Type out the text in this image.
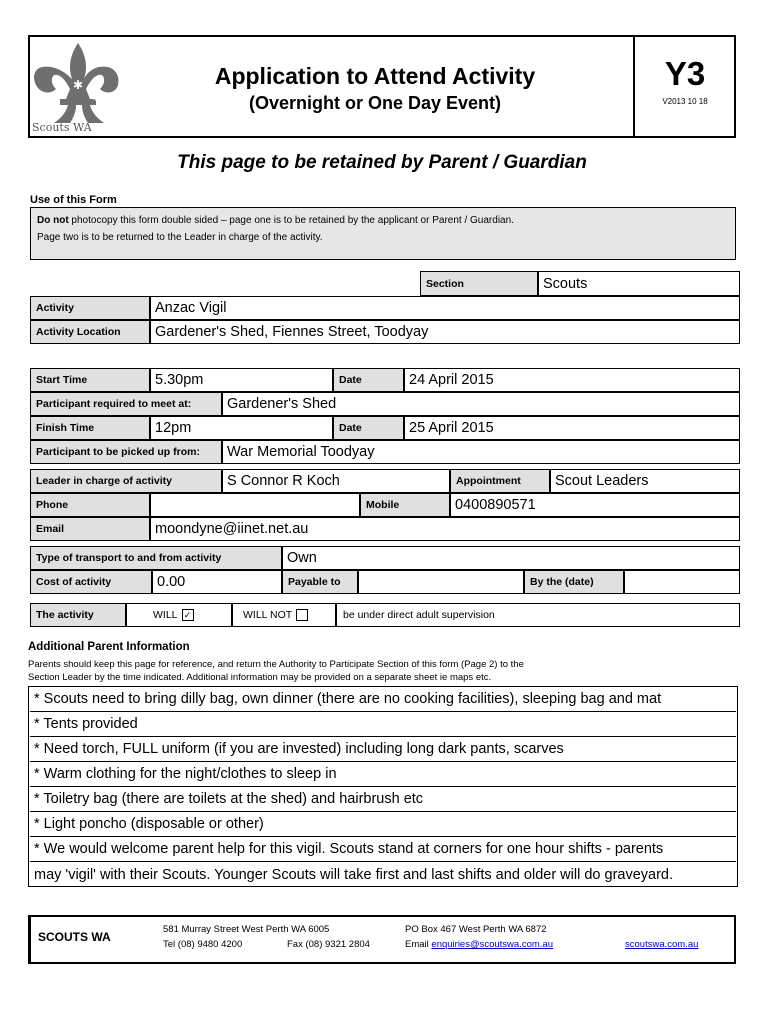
✱
✱
✱
Scouts WA
Application to Attend Activity
(Overnight or One Day Event)
Y3
V2013 10 18
This page to be retained by Parent / Guardian
Use of this Form
Do not photocopy this form double sided – page one is to be retained by the applicant or Parent / Guardian.
Page two is to be returned to the Leader in charge of the activity.
Section	Scouts
Activity	Anzac Vigil
Activity Location	Gardener's Shed, Fiennes Street, Toodyay
Start Time	5.30pm	Date	24 April 2015
Participant required to meet at:	Gardener's Shed
Finish Time	12pm	Date	25 April 2015
Participant to be picked up from:	War Memorial Toodyay
Leader in charge of activity	S Connor R Koch	Appointment	Scout Leaders
Phone	Mobile	0400890571
Email	moondyne@iinet.net.au
Type of transport to and from activity	Own
Cost of activity	0.00	Payable to	By the (date)
The activity	WILL ✓	WILL NOT	be under direct adult supervision
Additional Parent Information
Parents should keep this page for reference, and return the Authority to Participate Section of this form (Page 2) to the
Section Leader by the time indicated. Additional information may be provided on a separate sheet ie maps etc.
* Scouts need to bring dilly bag, own dinner (there are no cooking facilities), sleeping bag and mat
* Tents provided
* Need torch, FULL uniform (if you are invested) including long dark pants, scarves
* Warm clothing for the night/clothes to sleep in
* Toiletry bag (there are toilets at the shed) and hairbrush etc
* Light poncho (disposable or other)
* We would welcome parent help for this vigil. Scouts stand at corners for one hour shifts - parents
may 'vigil' with their Scouts. Younger Scouts will take first and last shifts and older will do graveyard.
SCOUTS WA
581 Murray Street West Perth WA 6005
Tel (08) 9480 4200	Fax (08) 9321 2804
PO Box 467 West Perth WA 6872
Email enquiries@scoutswa.com.au	scoutswa.com.au
